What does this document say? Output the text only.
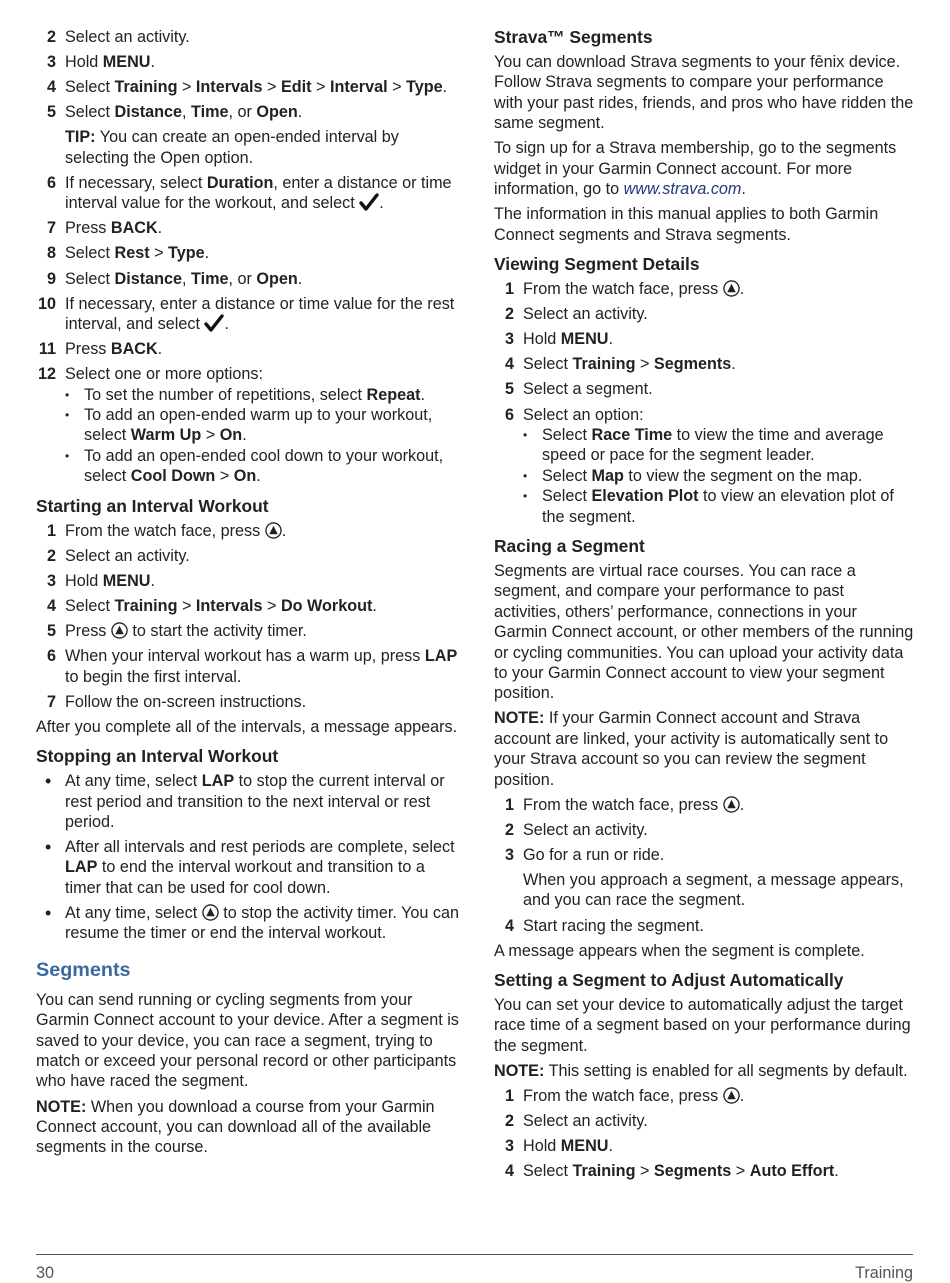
2 Select an activity.
3 Hold MENU.
4 Select Training > Intervals > Edit > Interval > Type.
5 Select Distance, Time, or Open.
TIP: You can create an open-ended interval by selecting the Open option.
6 If necessary, select Duration, enter a distance or time interval value for the workout, and select .
7 Press BACK.
8 Select Rest > Type.
9 Select Distance, Time, or Open.
10 If necessary, enter a distance or time value for the rest interval, and select .
11 Press BACK.
12 Select one or more options:
• To set the number of repetitions, select Repeat.
• To add an open-ended warm up to your workout, select Warm Up > On.
• To add an open-ended cool down to your workout, select Cool Down > On.
Starting an Interval Workout
1 From the watch face, press .
2 Select an activity.
3 Hold MENU.
4 Select Training > Intervals > Do Workout.
5 Press  to start the activity timer.
6 When your interval workout has a warm up, press LAP to begin the first interval.
7 Follow the on-screen instructions.

After you complete all of the intervals, a message appears.

Stopping an Interval Workout
• At any time, select LAP to stop the current interval or rest period and transition to the next interval or rest period.
• After all intervals and rest periods are complete, select LAP to end the interval workout and transition to a timer that can be used for cool down.
• At any time, select  to stop the activity timer. You can resume the timer or end the interval workout.
Segments

You can send running or cycling segments from your Garmin Connect account to your device. After a segment is saved to your device, you can race a segment, trying to match or exceed your personal record or other participants who have raced the segment.

NOTE: When you download a course from your Garmin Connect account, you can download all of the available segments in the course.

Strava™ Segments

You can download Strava segments to your fēnix device. Follow Strava segments to compare your performance with your past rides, friends, and pros who have ridden the same segment.

To sign up for a Strava membership, go to the segments widget in your Garmin Connect account. For more information, go to www.strava.com.

The information in this manual applies to both Garmin Connect segments and Strava segments.

Viewing Segment Details
1 From the watch face, press .
2 Select an activity.
3 Hold MENU.
4 Select Training > Segments.
5 Select a segment.
6 Select an option:
• Select Race Time to view the time and average speed or pace for the segment leader.
• Select Map to view the segment on the map.
• Select Elevation Plot to view an elevation plot of the segment.
Racing a Segment

Segments are virtual race courses. You can race a segment, and compare your performance to past activities, others’ performance, connections in your Garmin Connect account, or other members of the running or cycling communities. You can upload your activity data to your Garmin Connect account to view your segment position.

NOTE: If your Garmin Connect account and Strava account are linked, your activity is automatically sent to your Strava account so you can review the segment position.

1 From the watch face, press .
2 Select an activity.
3 Go for a run or ride.
When you approach a segment, a message appears, and you can race the segment.
4 Start racing the segment.

A message appears when the segment is complete.

Setting a Segment to Adjust Automatically

You can set your device to automatically adjust the target race time of a segment based on your performance during the segment.

NOTE: This setting is enabled for all segments by default.

1 From the watch face, press .
2 Select an activity.
3 Hold MENU.
4 Select Training > Segments > Auto Effort.
30	Training
